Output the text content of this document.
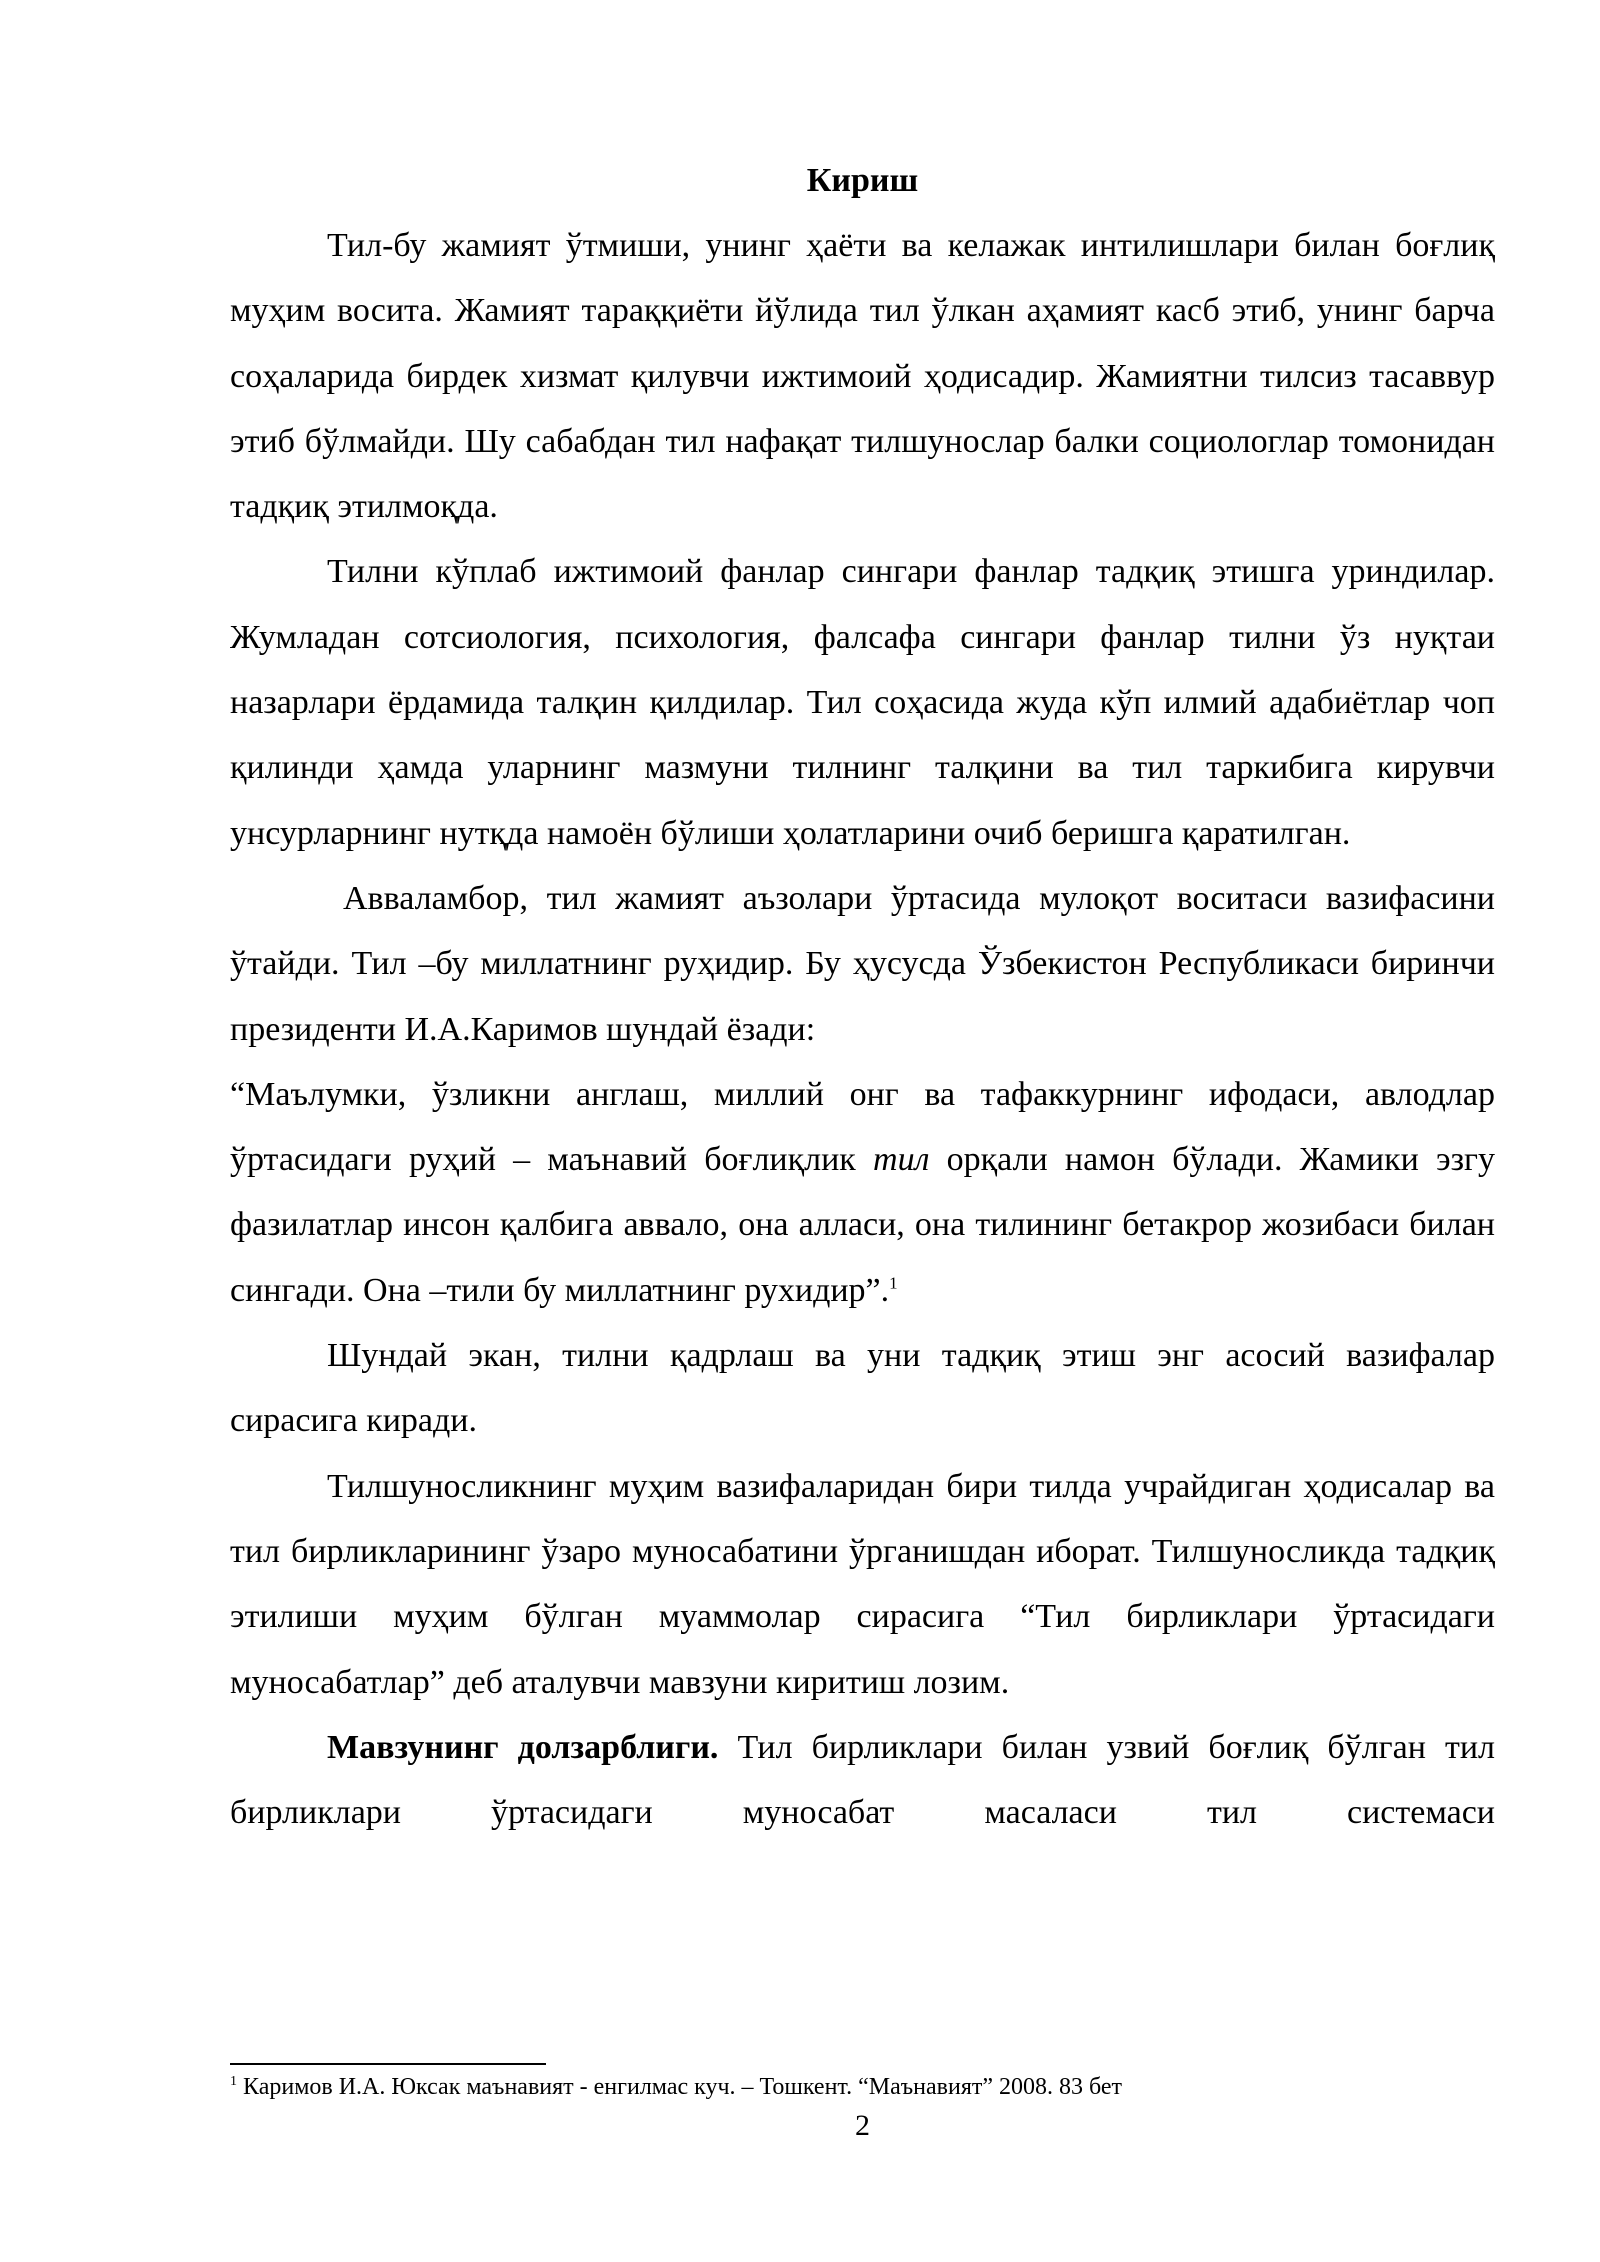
Кириш

Тил-бу жамият ўтмиши, унинг ҳаёти ва келажак интилишлари билан боғлиқ муҳим восита. Жамият тараққиёти йўлида тил ўлкан аҳамият касб этиб, унинг барча соҳаларида бирдек хизмат қилувчи ижтимоий ҳодисадир. Жамиятни тилсиз тасаввур этиб бўлмайди. Шу сабабдан тил нафақат тилшунослар балки социологлар томонидан тадқиқ этилмоқда.

Тилни кўплаб ижтимоий фанлар сингари фанлар тадқиқ этишга уриндилар. Жумладан сотсиология, психология, фалсафа сингари фанлар тилни ўз нуқтаи назарлари ёрдамида талқин қилдилар. Тил соҳасида жуда кўп илмий адабиётлар чоп қилинди ҳамда уларнинг мазмуни тилнинг талқини ва тил таркибига кирувчи унсурларнинг нутқда намоён бўлиши ҳолатларини очиб беришга қаратилган.

Авваламбор, тил жамият аъзолари ўртасида мулоқот воситаси вазифасини ўтайди. Тил –бу миллатнинг руҳидир. Бу ҳусусда Ўзбекистон Республикаси биринчи президенти И.А.Каримов шундай ёзади:

“Маълумки, ўзликни англаш, миллий онг ва тафаккурнинг ифодаси, авлодлар ўртасидаги руҳий – маънавий боғлиқлик тил орқали намон бўлади. Жамики эзгу фазилатлар инсон қалбига аввало, она алласи, она тилининг бетакрор жозибаси билан сингади. Она –тили бу миллатнинг рухидир”.$^1$

Шундай экан, тилни қадрлаш ва уни тадқиқ этиш энг асосий вазифалар сирасига киради.

Тилшуносликнинг муҳим вазифаларидан бири тилда учрайдиган ҳодисалар ва тил бирликларининг ўзаро муносабатини ўрганишдан иборат. Тилшуносликда тадқиқ этилиши муҳим бўлган муаммолар сирасига “Тил бирликлари ўртасидаги муносабатлар” деб аталувчи мавзуни киритиш лозим.

Мавзунинг долзарблиги. Тил бирликлари билан узвий боғлиқ бўлган тил бирликлари ўртасидаги муносабат масаласи тил системаси

$^1$ Каримов И.А. Юксак маънавият - енгилмас куч. – Тошкент. “Маънавият” 2008. 83 бет

2
